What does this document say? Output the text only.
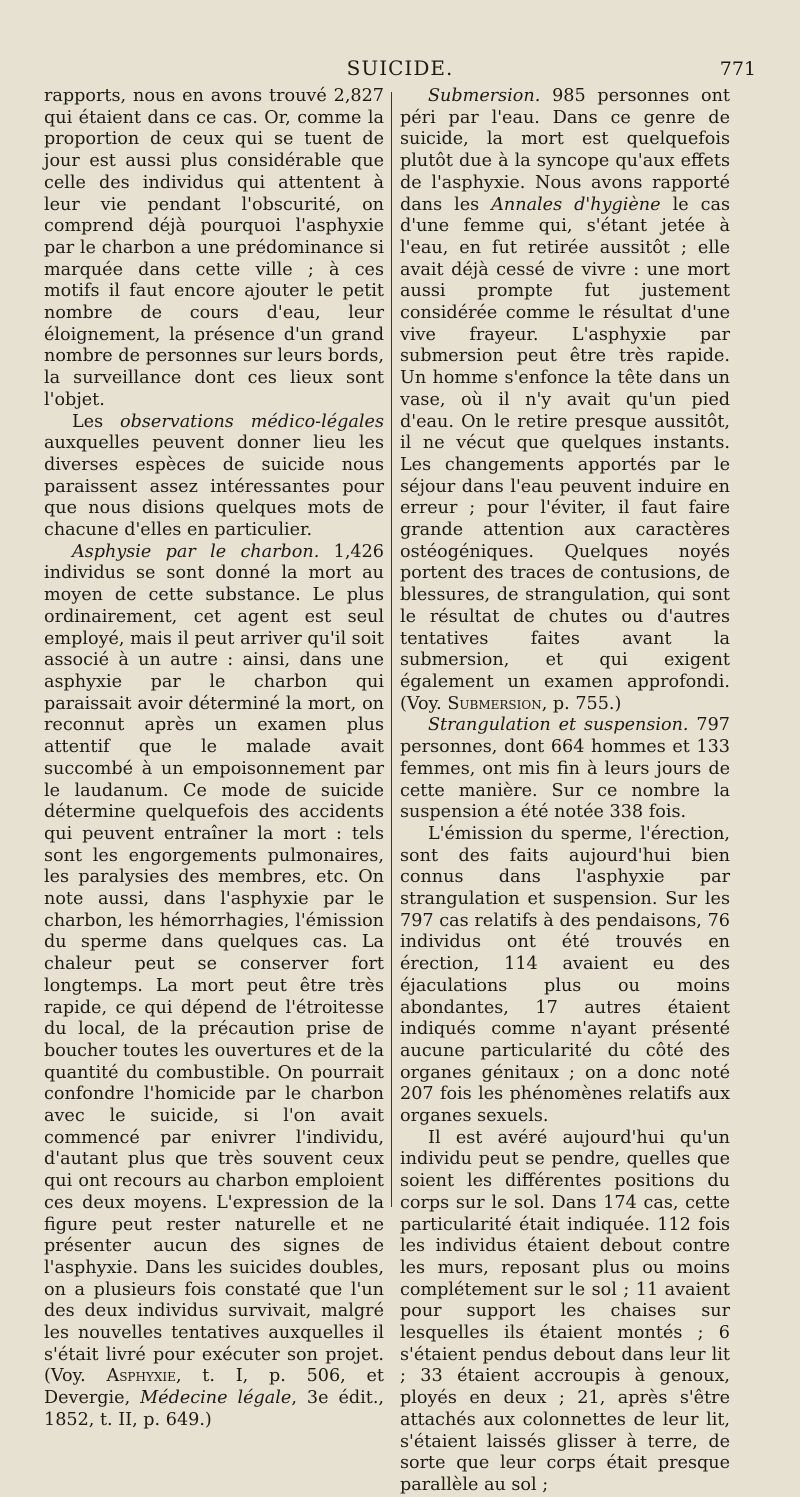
SUICIDE.	771

rapports, nous en avons trouvé 2,827 qui étaient dans ce cas. Or, comme la proportion de ceux qui se tuent de jour est aussi plus considérable que celle des individus qui attentent à leur vie pendant l'obscurité, on comprend déjà pourquoi l'asphyxie par le charbon a une prédominance si marquée dans cette ville ; à ces motifs il faut encore ajouter le petit nombre de cours d'eau, leur éloignement, la présence d'un grand nombre de personnes sur leurs bords, la surveillance dont ces lieux sont l'objet.

Les observations médico-légales auxquelles peuvent donner lieu les diverses espèces de suicide nous paraissent assez intéressantes pour que nous disions quelques mots de chacune d'elles en particulier.

Asphysie par le charbon. 1,426 individus se sont donné la mort au moyen de cette substance. Le plus ordinairement, cet agent est seul employé, mais il peut arriver qu'il soit associé à un autre : ainsi, dans une asphyxie par le charbon qui paraissait avoir déterminé la mort, on reconnut après un examen plus attentif que le malade avait succombé à un empoisonnement par le laudanum. Ce mode de suicide détermine quelquefois des accidents qui peuvent entraîner la mort : tels sont les engorgements pulmonaires, les paralysies des membres, etc. On note aussi, dans l'asphyxie par le charbon, les hémorrhagies, l'émission du sperme dans quelques cas. La chaleur peut se conserver fort longtemps. La mort peut être très rapide, ce qui dépend de l'étroitesse du local, de la précaution prise de boucher toutes les ouvertures et de la quantité du combustible. On pourrait confondre l'homicide par le charbon avec le suicide, si l'on avait commencé par enivrer l'individu, d'autant plus que très souvent ceux qui ont recours au charbon emploient ces deux moyens. L'expression de la figure peut rester naturelle et ne présenter aucun des signes de l'asphyxie. Dans les suicides doubles, on a plusieurs fois constaté que l'un des deux individus survivait, malgré les nouvelles tentatives auxquelles il s'était livré pour exécuter son projet. (Voy. Asphyxie, t. I, p. 506, et Devergie, Médecine légale, 3e édit., 1852, t. II, p. 649.)

Submersion. 985 personnes ont péri par l'eau. Dans ce genre de suicide, la mort est quelquefois plutôt due à la syncope qu'aux effets de l'asphyxie. Nous avons rapporté dans les Annales d'hygiène le cas d'une femme qui, s'étant jetée à l'eau, en fut retirée aussitôt ; elle avait déjà cessé de vivre : une mort aussi prompte fut justement considérée comme le résultat d'une vive frayeur. L'asphyxie par submersion peut être très rapide. Un homme s'enfonce la tête dans un vase, où il n'y avait qu'un pied d'eau. On le retire presque aussitôt, il ne vécut que quelques instants. Les changements apportés par le séjour dans l'eau peuvent induire en erreur ; pour l'éviter, il faut faire grande attention aux caractères ostéogéniques. Quelques noyés portent des traces de contusions, de blessures, de strangulation, qui sont le résultat de chutes ou d'autres tentatives faites avant la submersion, et qui exigent également un examen approfondi. (Voy. Submersion, p. 755.)

Strangulation et suspension. 797 personnes, dont 664 hommes et 133 femmes, ont mis fin à leurs jours de cette manière. Sur ce nombre la suspension a été notée 338 fois.

L'émission du sperme, l'érection, sont des faits aujourd'hui bien connus dans l'asphyxie par strangulation et suspension. Sur les 797 cas relatifs à des pendaisons, 76 individus ont été trouvés en érection, 114 avaient eu des éjaculations plus ou moins abondantes, 17 autres étaient indiqués comme n'ayant présenté aucune particularité du côté des organes génitaux ; on a donc noté 207 fois les phénomènes relatifs aux organes sexuels.

Il est avéré aujourd'hui qu'un individu peut se pendre, quelles que soient les différentes positions du corps sur le sol. Dans 174 cas, cette particularité était indiquée. 112 fois les individus étaient debout contre les murs, reposant plus ou moins complétement sur le sol ; 11 avaient pour support les chaises sur lesquelles ils étaient montés ; 6 s'étaient pendus debout dans leur lit ; 33 étaient accroupis à genoux, ployés en deux ; 21, après s'être attachés aux colonnettes de leur lit, s'étaient laissés glisser à terre, de sorte que leur corps était presque parallèle au sol ;
